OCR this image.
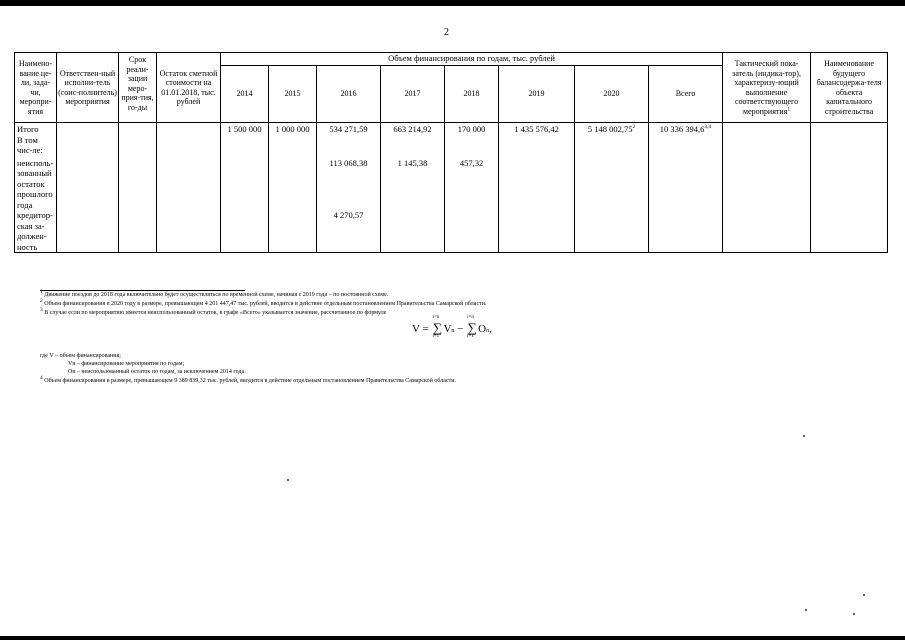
2
Наимено-вание це-ли, зада-чи, меропри-ятия	Ответствен-ный исполни-тель (соис-полнитель) мероприятия	Срок реали-зации меро-прия-тия, го-ды	Остаток сметной стоимости на 01.01.2018, тыс. рублей	Объем финансирования по годам, тыс. рублей								Тактический пока-затель (индика-тор), характеризу-ющий выполнение соответствующего мероприятия$^1$	Наименование будущего балансодержа-теля объекта капитального строительства
				2014	2015	2016	2017	2018	2019	2020	Всего		
Итого				1 500 000	1 000 000	534 271,59	663 214,92	170 000	1 435 576,42	5 148 002,75$^2$	10 336 394,6$^{3,4}$		
В том чис-ле:													
неисполь-зованный остаток прошлого года						113 068,38	1 145,38	457,32					
кредитор-ская за-должен-ность						4 270,57							
$^1$ Движение поездов до 2018 года включительно будет осуществляться по временной схеме, начиная с 2019 года – по постоянной схеме.
$^2$ Объем финансирования в 2020 году в размере, превышающем 4 201 447,47 тыс. рублей, вводится в действие отдельным постановлением Правительства Самарской области.
$^3$ В случае если по мероприятию имеется неиспользованный остаток, в графе «Всего» указывается значение, рассчитанное по формуле
V = ∑
i=n
i=1
Vn − ∑
i=n
i=1
On,
где V – объем финансирования;
Vn – финансирование мероприятия по годам;
On – неиспользованный остаток по годам, за исключением 2014 года.
$^4$ Объем финансирования в размере, превышающем 9 389 839,32 тыс. рублей, вводится в действие отдельным постановлением Правительства Самарской области.
